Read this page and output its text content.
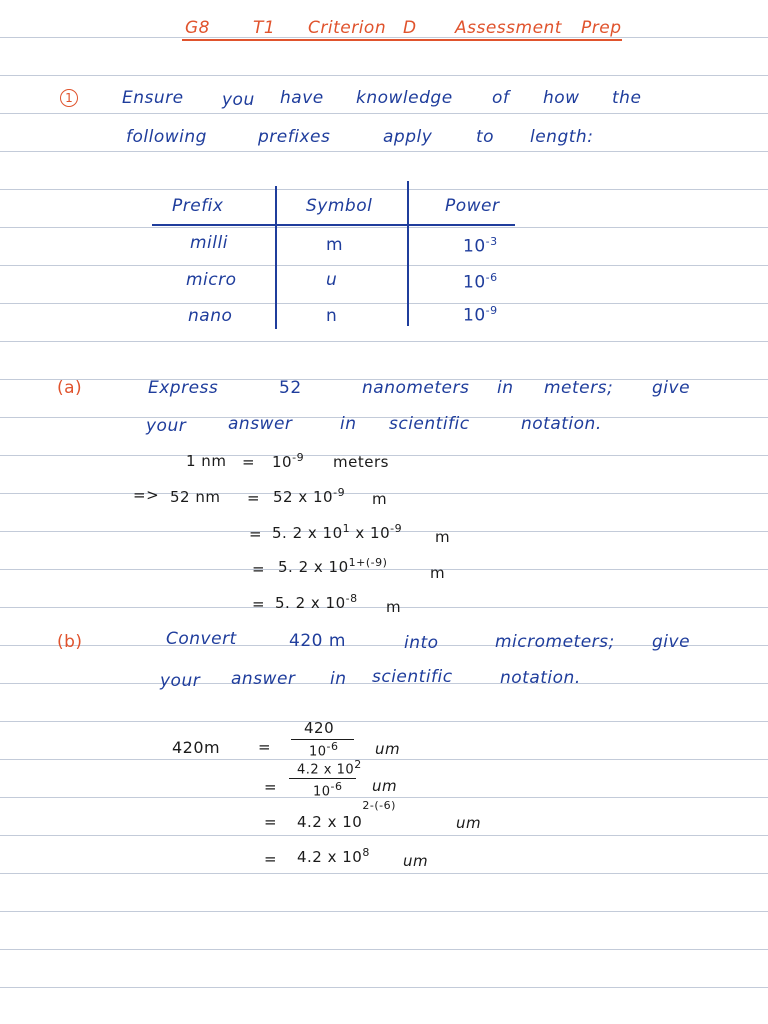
G8	T1 Criterion D Assessment Prep
1	Ensure you have knowledge of how the
following	prefixes	apply	to length:
Prefix	Symbol	Power
milli	m	$10^{-3}$
micro	u	$10^{-6}$
nano	n	$10^{-9}$
(a)	Express	52	nanometers in meters; give
your answer	in scientific	notation.
1 nm = $10^{-9}$ meters
=> 52 nm = 52 x $10^{-9}$ m
= 5. 2 x $10^1$ x $10^{-9}$ m
= 5. 2 x $10^{1+(-9)}$
m
= 5. 2 x $10^{-8}$ m
(b)	Convert	420 m	into	micrometers; give
your answer in scientific	notation.
420m	=
420
$10^{-6}$ um
=
4.2 x $10^2$
$10^{-6}$ um
= 4.2 x $10^{2-(-6)}$
um
= 4.2 x $10^8$ um
